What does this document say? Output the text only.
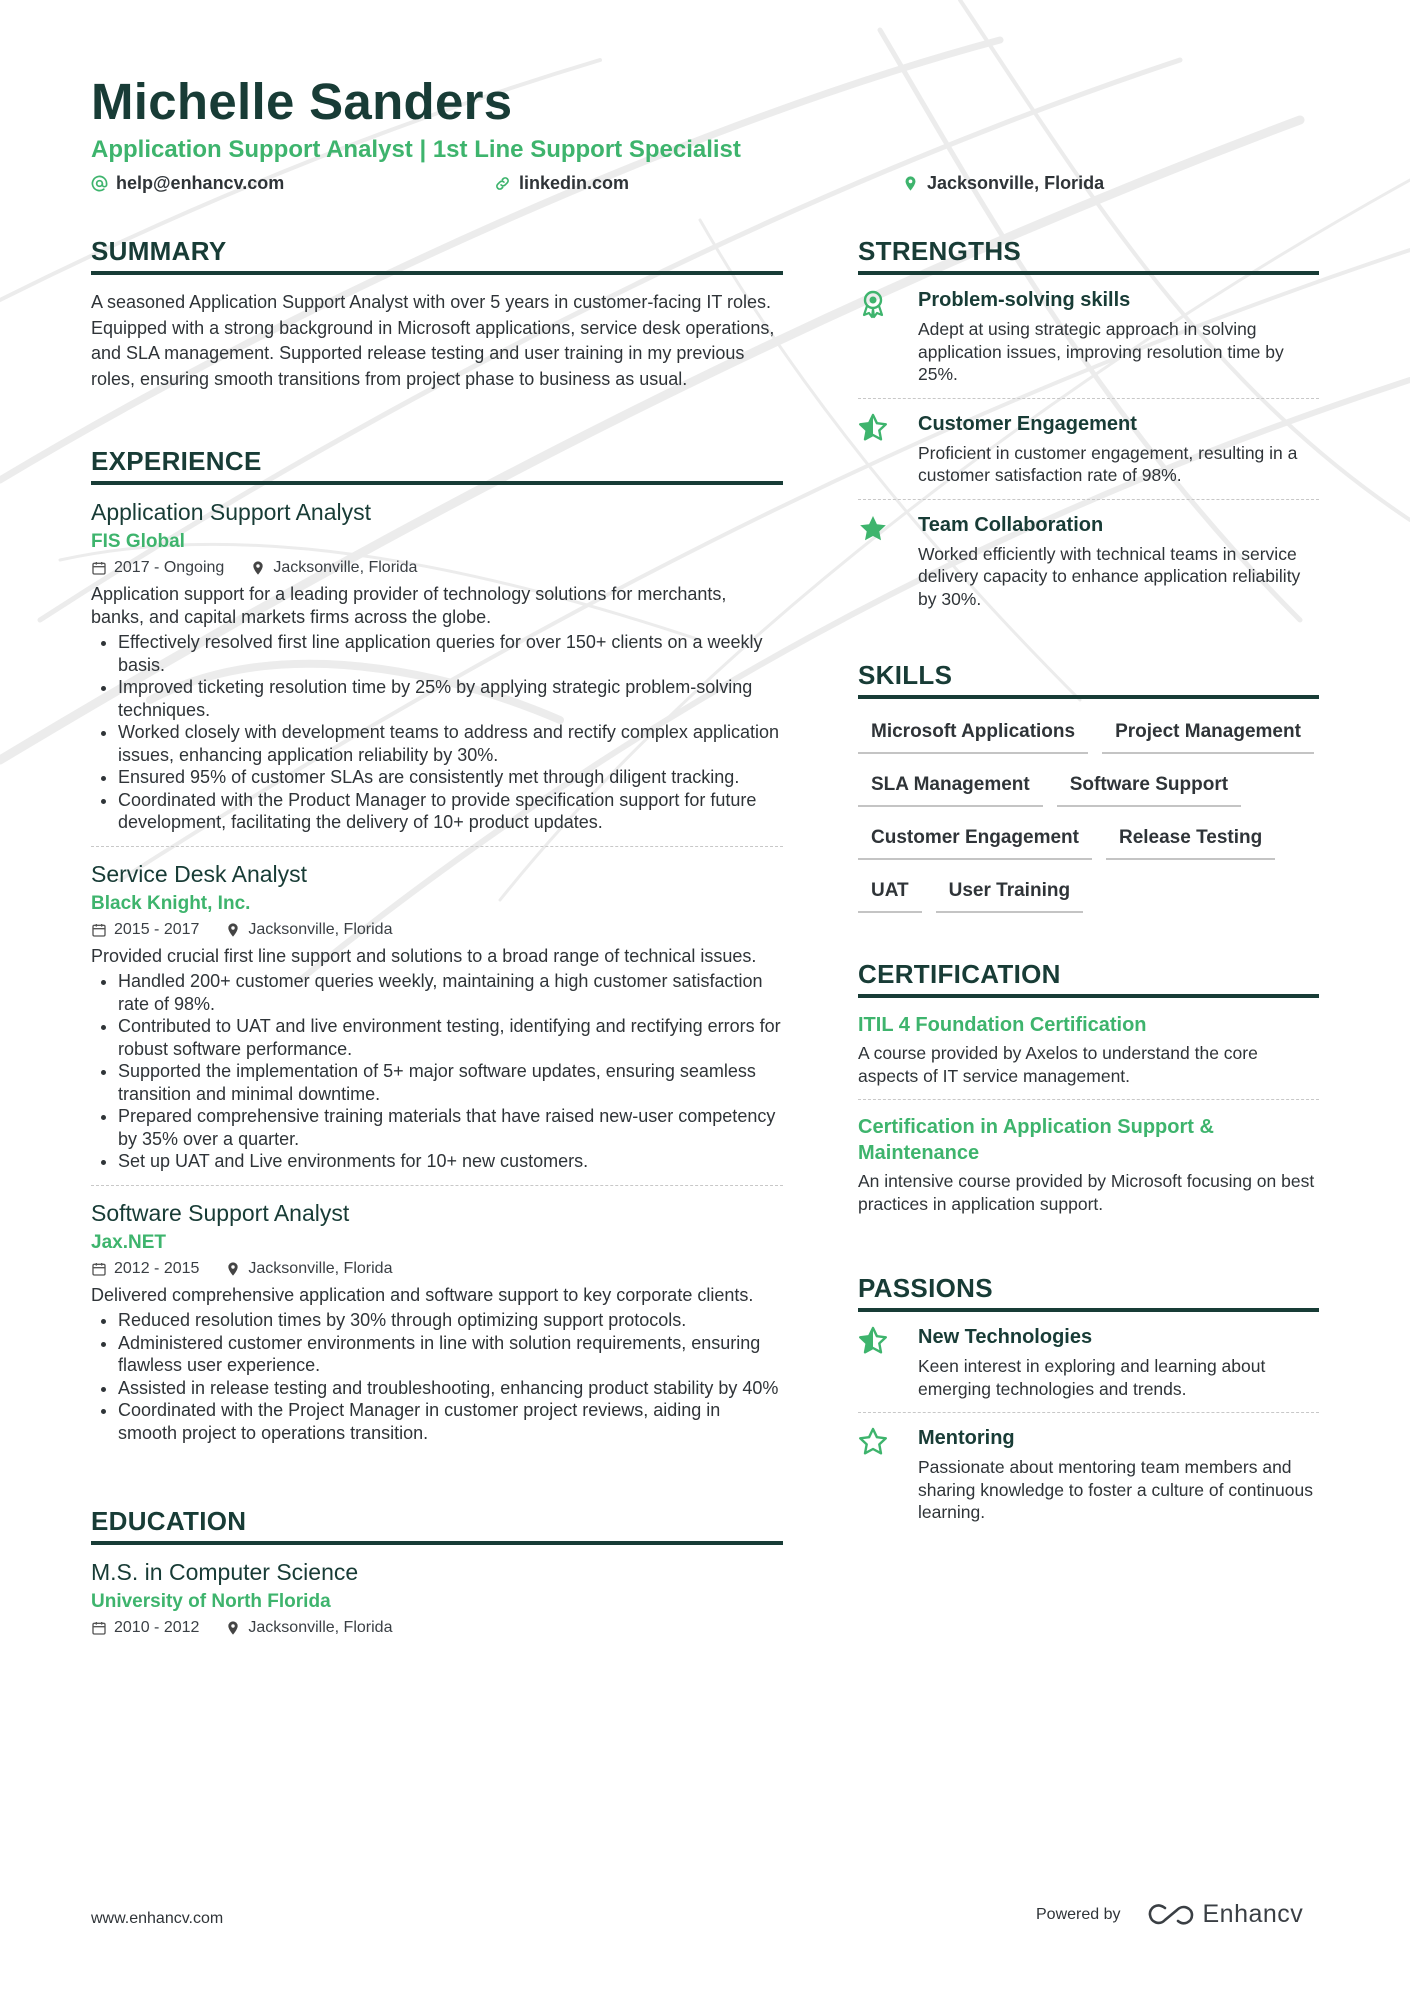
Michelle Sanders
Application Support Analyst | 1st Line Support Specialist
help@enhancv.com	linkedin.com	Jacksonville, Florida
SUMMARY
A seasoned Application Support Analyst with over 5 years in customer-facing IT roles. Equipped with a strong background in Microsoft applications, service desk operations, and SLA management. Supported release testing and user training in my previous roles, ensuring smooth transitions from project phase to business as usual.
EXPERIENCE
Application Support Analyst
FIS Global
2017 - Ongoing	Jacksonville, Florida
Application support for a leading provider of technology solutions for merchants, banks, and capital markets firms across the globe.
• Effectively resolved first line application queries for over 150+ clients on a weekly basis.
• Improved ticketing resolution time by 25% by applying strategic problem-solving techniques.
• Worked closely with development teams to address and rectify complex application issues, enhancing application reliability by 30%.
• Ensured 95% of customer SLAs are consistently met through diligent tracking.
• Coordinated with the Product Manager to provide specification support for future development, facilitating the delivery of 10+ product updates.
Service Desk Analyst
Black Knight, Inc.
2015 - 2017	Jacksonville, Florida
Provided crucial first line support and solutions to a broad range of technical issues.
• Handled 200+ customer queries weekly, maintaining a high customer satisfaction rate of 98%.
• Contributed to UAT and live environment testing, identifying and rectifying errors for robust software performance.
• Supported the implementation of 5+ major software updates, ensuring seamless transition and minimal downtime.
• Prepared comprehensive training materials that have raised new-user competency by 35% over a quarter.
• Set up UAT and Live environments for 10+ new customers.
Software Support Analyst
Jax.NET
2012 - 2015	Jacksonville, Florida
Delivered comprehensive application and software support to key corporate clients.
• Reduced resolution times by 30% through optimizing support protocols.
• Administered customer environments in line with solution requirements, ensuring flawless user experience.
• Assisted in release testing and troubleshooting, enhancing product stability by 40%
• Coordinated with the Project Manager in customer project reviews, aiding in smooth project to operations transition.
EDUCATION
M.S. in Computer Science
University of North Florida
2010 - 2012	Jacksonville, Florida
STRENGTHS
Problem-solving skills
Adept at using strategic approach in solving application issues, improving resolution time by 25%.
Customer Engagement
Proficient in customer engagement, resulting in a customer satisfaction rate of 98%.
Team Collaboration
Worked efficiently with technical teams in service delivery capacity to enhance application reliability by 30%.
SKILLS
Microsoft Applications	Project Management
SLA Management	Software Support
Customer Engagement	Release Testing
UAT	User Training
CERTIFICATION
ITIL 4 Foundation Certification
A course provided by Axelos to understand the core aspects of IT service management.
Certification in Application Support & Maintenance
An intensive course provided by Microsoft focusing on best practices in application support.
PASSIONS
New Technologies
Keen interest in exploring and learning about emerging technologies and trends.
Mentoring
Passionate about mentoring team members and sharing knowledge to foster a culture of continuous learning.
www.enhancv.com	Powered by	Enhancv
